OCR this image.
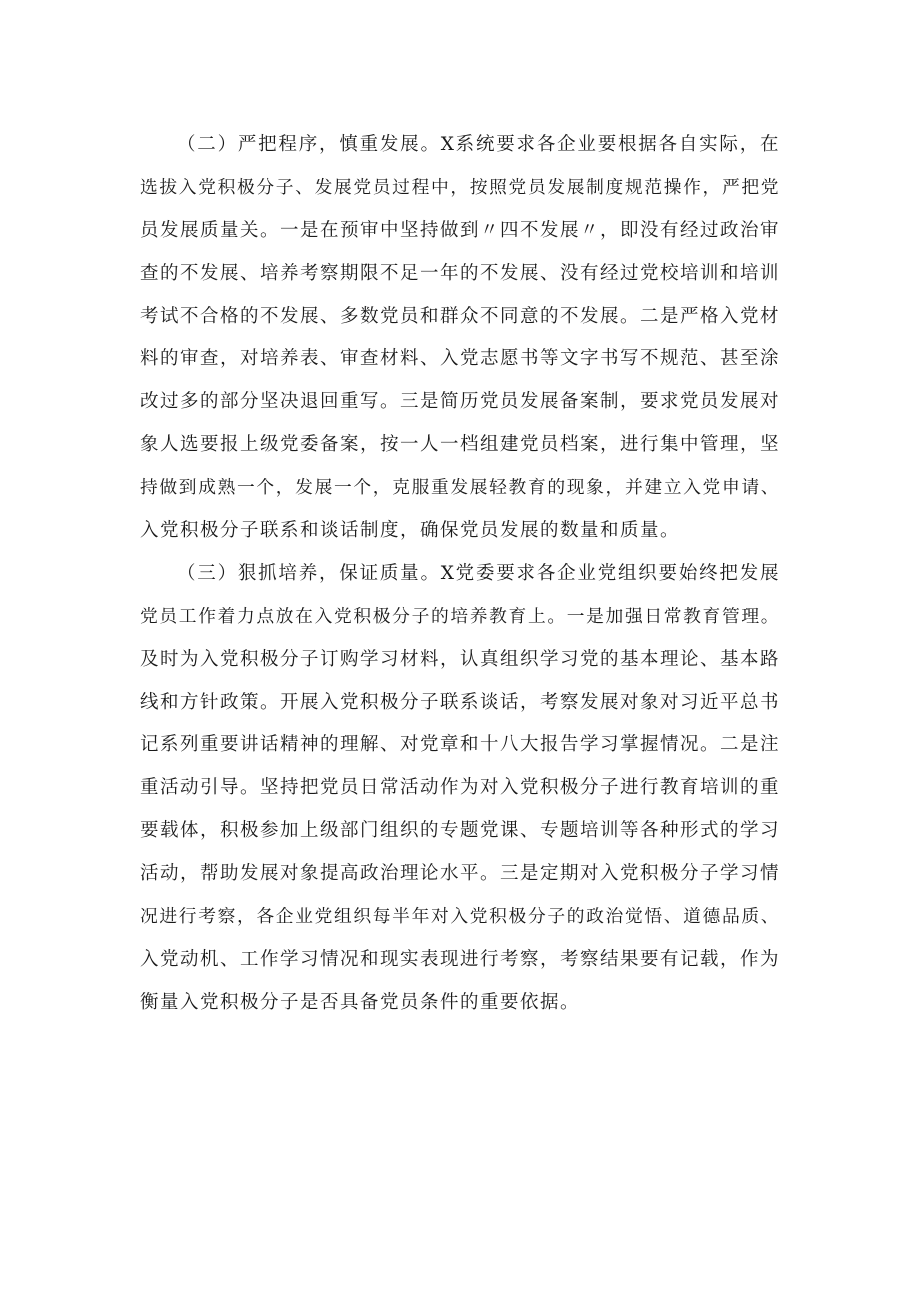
（二）严把程序，慎重发展。X系统要求各企业要根据各自实际，在
选拔入党积极分子、发展党员过程中，按照党员发展制度规范操作，严把党
员发展质量关。一是在预审中坚持做到〃四不发展〃，即没有经过政治审
查的不发展、培养考察期限不足一年的不发展、没有经过党校培训和培训
考试不合格的不发展、多数党员和群众不同意的不发展。二是严格入党材
料的审查，对培养表、审查材料、入党志愿书等文字书写不规范、甚至涂
改过多的部分坚决退回重写。三是简历党员发展备案制，要求党员发展对
象人选要报上级党委备案，按一人一档组建党员档案，进行集中管理，坚
持做到成熟一个，发展一个，克服重发展轻教育的现象，并建立入党申请、
入党积极分子联系和谈话制度，确保党员发展的数量和质量。
（三）狠抓培养，保证质量。X党委要求各企业党组织要始终把发展
党员工作着力点放在入党积极分子的培养教育上。一是加强日常教育管理。
及时为入党积极分子订购学习材料，认真组织学习党的基本理论、基本路
线和方针政策。开展入党积极分子联系谈话，考察发展对象对习近平总书
记系列重要讲话精神的理解、对党章和十八大报告学习掌握情况。二是注
重活动引导。坚持把党员日常活动作为对入党积极分子进行教育培训的重
要载体，积极参加上级部门组织的专题党课、专题培训等各种形式的学习
活动，帮助发展对象提高政治理论水平。三是定期对入党积极分子学习情
况进行考察，各企业党组织每半年对入党积极分子的政治觉悟、道德品质、
入党动机、工作学习情况和现实表现进行考察，考察结果要有记载，作为
衡量入党积极分子是否具备党员条件的重要依据。
